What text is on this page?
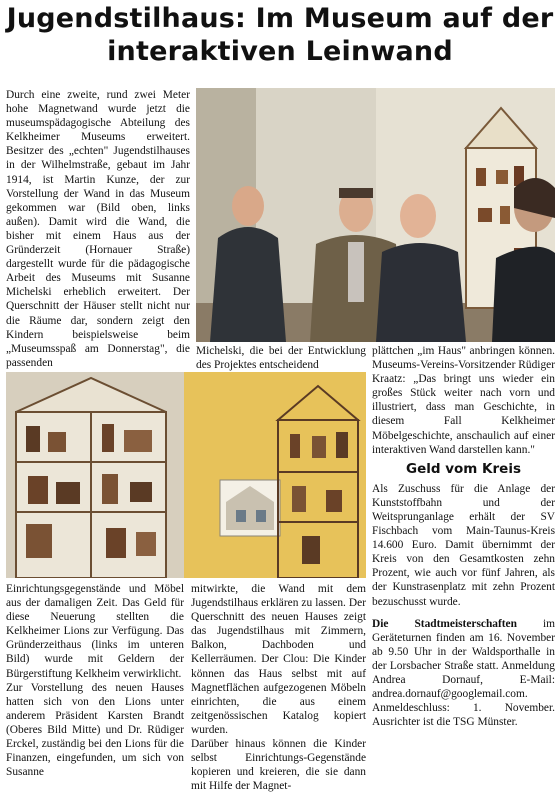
Jugendstilhaus: Im Museum auf der
interaktiven Leinwand

Durch eine zweite, rund zwei Meter hohe Magnetwand wurde jetzt die museumspädagogische Abteilung des Kelkheimer Museums erweitert. Besitzer des „echten" Jugendstilhauses in der Wilhelmstraße, gebaut im Jahr 1914, ist Martin Kunze, der zur Vorstellung der Wand in das Museum gekommen war (Bild oben, links außen). Damit wird die Wand, die bisher mit einem Haus aus der Gründerzeit (Hornauer Straße) dargestellt wurde für die pädagogische Arbeit des Museums mit Susanne Michelski erheblich erweitert. Der Querschnitt der Häuser stellt nicht nur die Räume dar, sondern zeigt den Kindern beispielsweise beim „Museumsspaß am Donnerstag", die passenden

Michelski, die bei der Entwicklung des Projektes entscheidend

plättchen „im Haus" anbringen können. Museums-Vereins-Vorsitzender Rüdiger Kraatz: „Das bringt uns wieder ein großes Stück weiter nach vorn und illustriert, dass man Geschichte, in diesem Fall Kelkheimer Möbelgeschichte, anschaulich auf einer interaktiven Wand darstellen kann."

Geld vom Kreis

Als Zuschuss für die Anlage der Kunststoffbahn und der Weitsprunganlage erhält der SV Fischbach vom Main-Taunus-Kreis 14.600 Euro. Damit übernimmt der Kreis von den Gesamtkosten zehn Prozent, wie auch vor fünf Jahren, als der Kunstrasenplatz mit zehn Prozent bezuschusst wurde.

Die Stadtmeisterschaften im Geräteturnen finden am 16. November ab 9.50 Uhr in der Waldsporthalle in der Lorsbacher Straße statt. Anmeldung Andrea Dornauf, E-Mail: andrea.dornauf@googlemail.com. Anmeldeschluss: 1. November. Ausrichter ist die TSG Münster.

Einrichtungsgegenstände und Möbel aus der damaligen Zeit. Das Geld für diese Neuerung stellten die Kelkheimer Lions zur Verfügung. Das Gründerzeithaus (links im unteren Bild) wurde mit Geldern der Bürgerstiftung Kelkheim verwirklicht.

Zur Vorstellung des neuen Hauses hatten sich von den Lions unter anderem Präsident Karsten Brandt (Oberes Bild Mitte) und Dr. Rüdiger Erckel, zuständig bei den Lions für die Finanzen, eingefunden, um sich von Susanne

mitwirkte, die Wand mit dem Jugendstilhaus erklären zu lassen. Der Querschnitt des neuen Hauses zeigt das Jugendstilhaus mit Zimmern, Balkon, Dachboden und Kellerräumen. Der Clou: Die Kinder können das Haus selbst mit auf Magnetflächen aufgezogenen Möbeln einrichten, die aus einem zeitgenössischen Katalog kopiert wurden.

Darüber hinaus können die Kinder selbst Einrichtungs-Gegenstände kopieren und kreieren, die sie dann mit Hilfe der Magnet-
